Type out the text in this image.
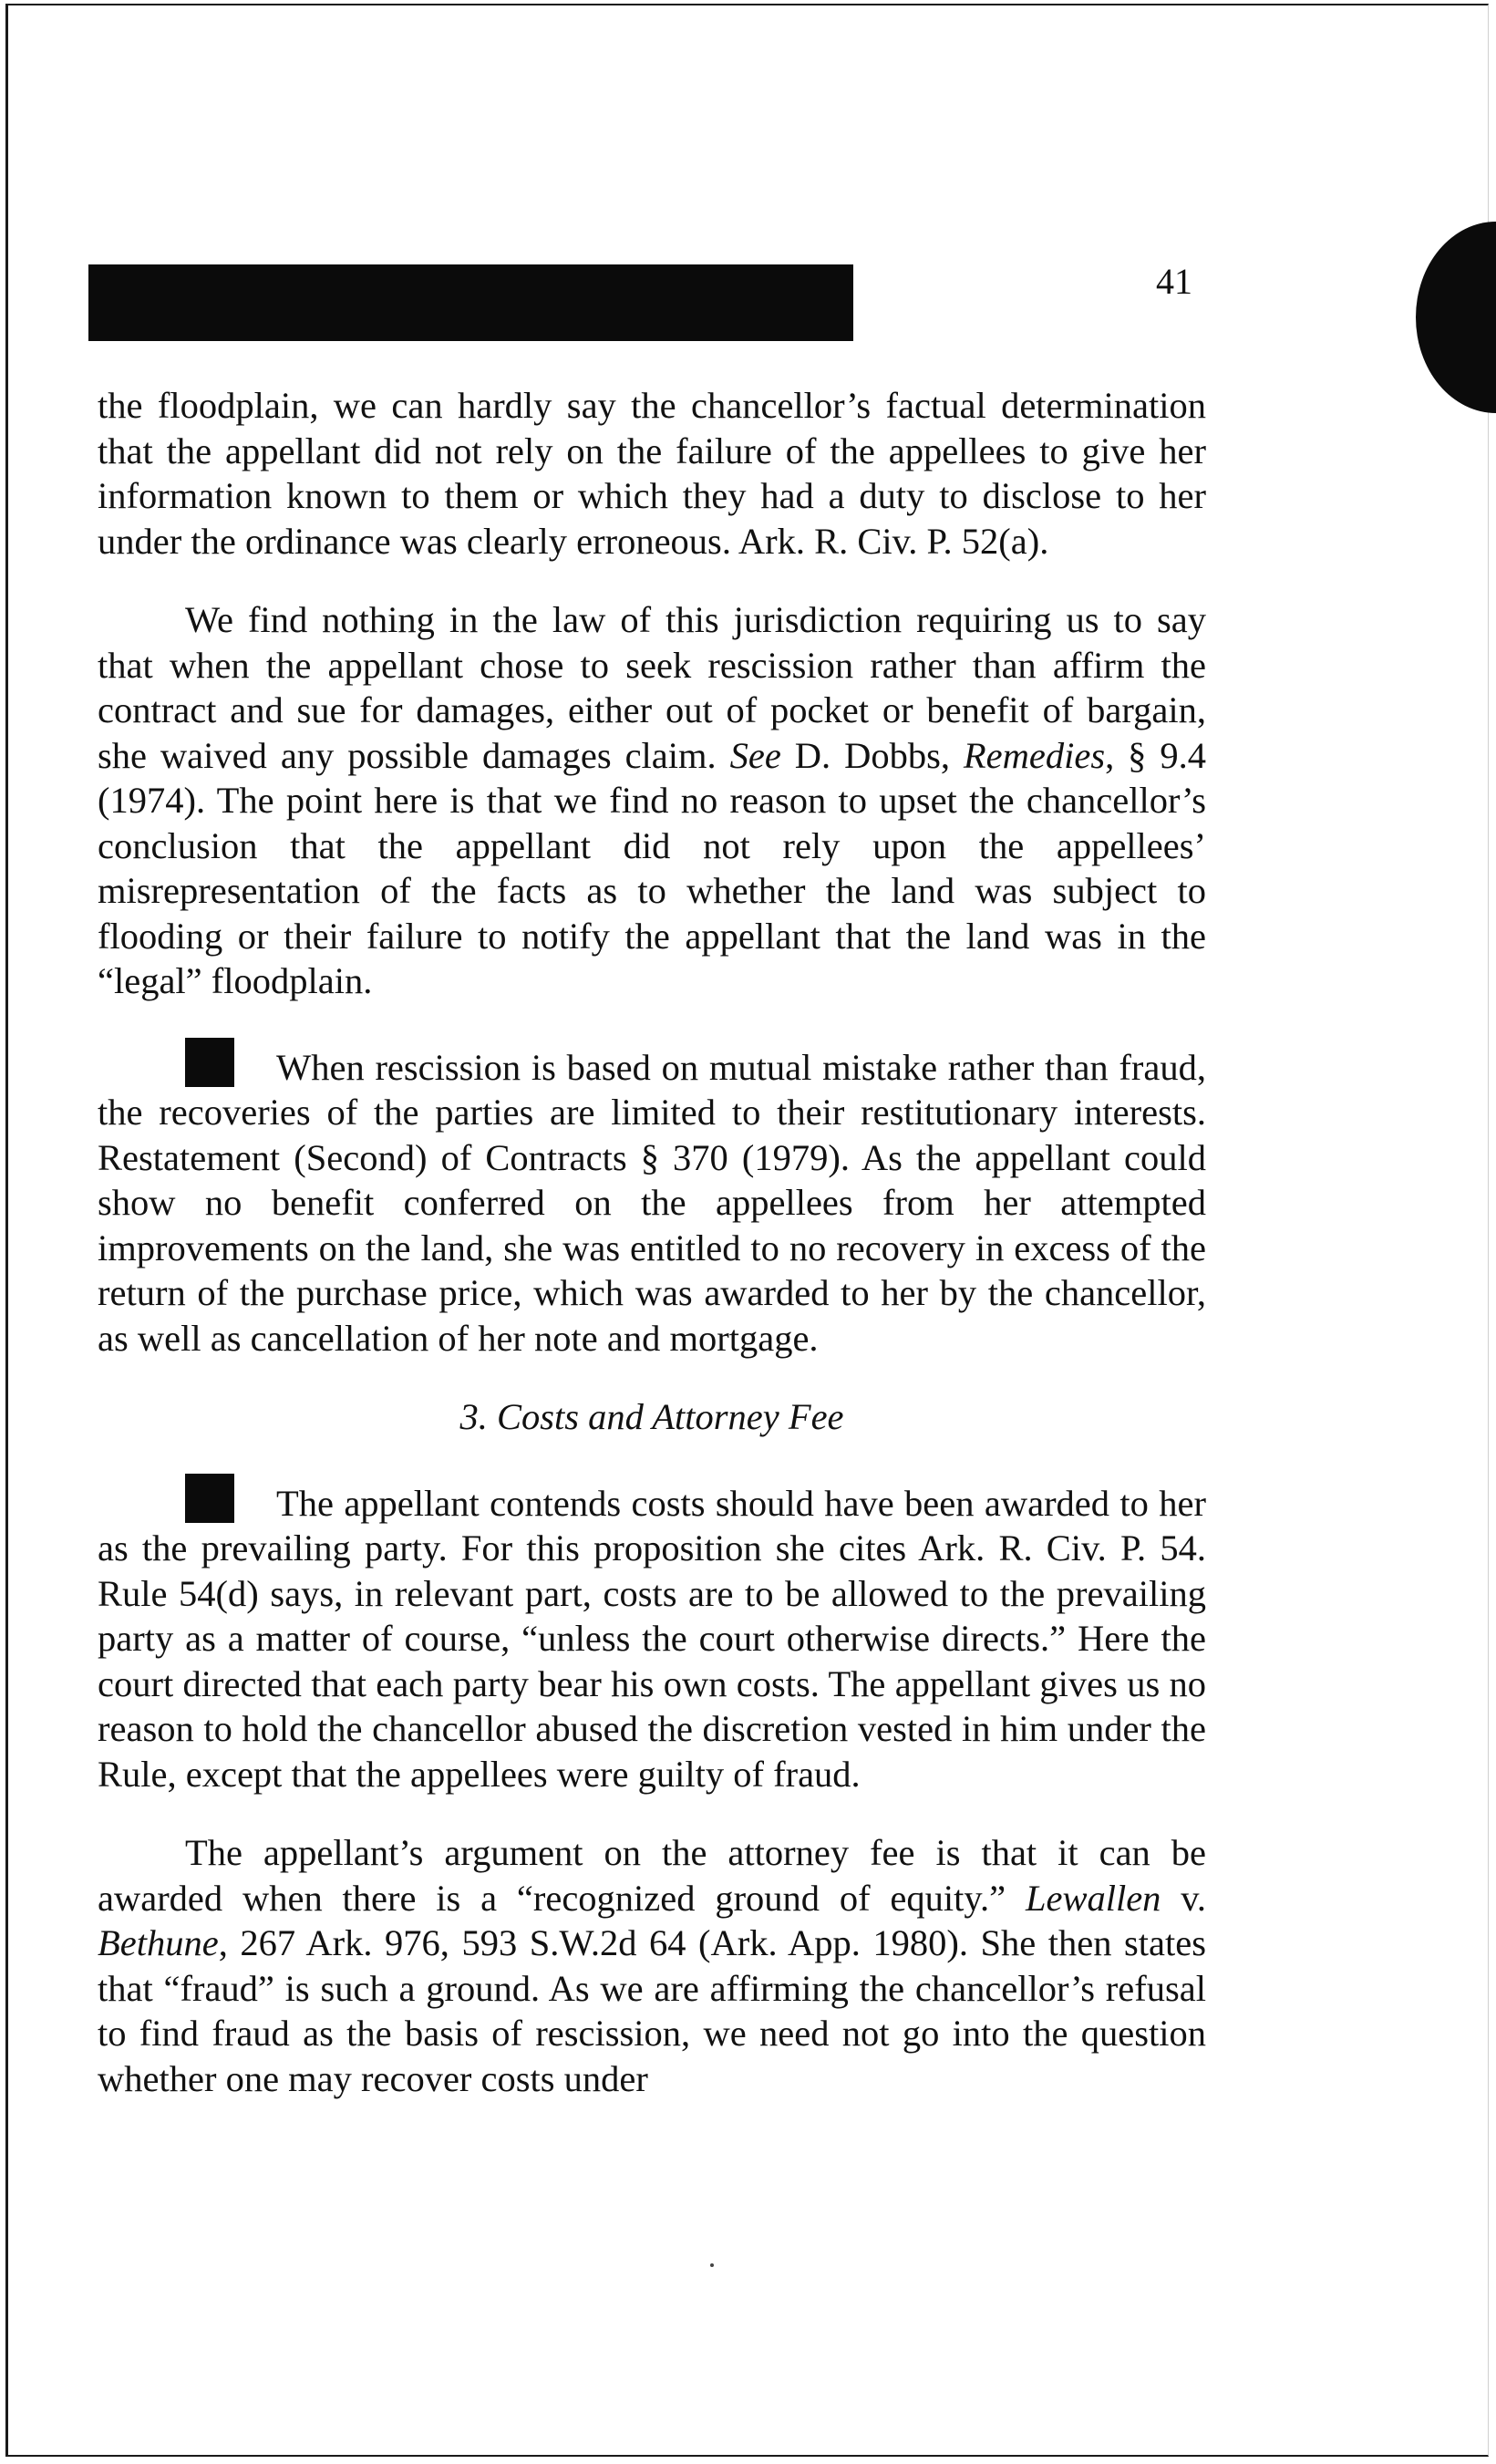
41

the floodplain, we can hardly say the chancellor’s factual determination that the appellant did not rely on the failure of the appellees to give her information known to them or which they had a duty to disclose to her under the ordinance was clearly erroneous. Ark. R. Civ. P. 52(a).

We find nothing in the law of this jurisdiction requiring us to say that when the appellant chose to seek rescission rather than affirm the contract and sue for damages, either out of pocket or benefit of bargain, she waived any possible damages claim. See D. Dobbs, Remedies, § 9.4 (1974). The point here is that we find no reason to upset the chancellor’s conclusion that the appellant did not rely upon the appellees’ misrepresentation of the facts as to whether the land was subject to flooding or their failure to notify the appellant that the land was in the “legal” floodplain.

When rescission is based on mutual mistake rather than fraud, the recoveries of the parties are limited to their restitutionary interests. Restatement (Second) of Contracts § 370 (1979). As the appellant could show no benefit conferred on the appellees from her attempted improvements on the land, she was entitled to no recovery in excess of the return of the purchase price, which was awarded to her by the chancellor, as well as cancellation of her note and mortgage.

3. Costs and Attorney Fee

The appellant contends costs should have been awarded to her as the prevailing party. For this proposition she cites Ark. R. Civ. P. 54. Rule 54(d) says, in relevant part, costs are to be allowed to the prevailing party as a matter of course, “unless the court otherwise directs.” Here the court directed that each party bear his own costs. The appellant gives us no reason to hold the chancellor abused the discretion vested in him under the Rule, except that the appellees were guilty of fraud.

The appellant’s argument on the attorney fee is that it can be awarded when there is a “recognized ground of equity.” Lewallen v. Bethune, 267 Ark. 976, 593 S.W.2d 64 (Ark. App. 1980). She then states that “fraud” is such a ground. As we are affirming the chancellor’s refusal to find fraud as the basis of rescission, we need not go into the question whether one may recover costs under
